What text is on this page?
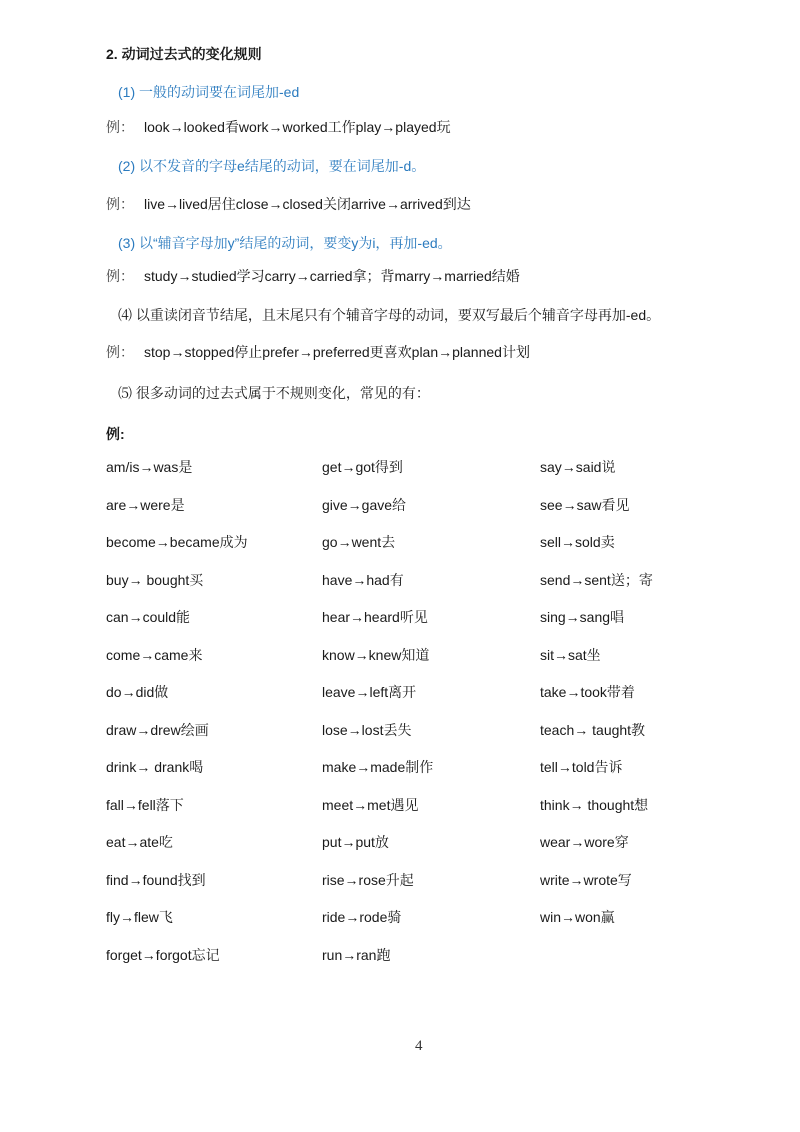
2. 动词过去式的变化规则
(1) 一般的动词要在词尾加-ed
例： look→looked看work→worked工作play→played玩
(2) 以不发音的字母e结尾的动词，要在词尾加-d。
例： live→lived居住close→closed关闭arrive→arrived到达
(3) 以“辅音字母加y”结尾的动词，要变y为i，再加-ed。
例： study→studied学习carry→carried拿；背marry→married结婚
⑷ 以重读闭音节结尾，且末尾只有个辅音字母的动词，要双写最后个辅音字母再加-ed。
例： stop→stopped停止prefer→preferred更喜欢plan→planned计划
⑸ 很多动词的过去式属于不规则变化，常见的有：
例:
am/is→was是	get→got得到	say→said说
are→were是	give→gave给	see→saw看见
become→became成为	go→went去	sell→sold卖
buy→ bought买	have→had有	send→sent送；寄
can→could能	hear→heard听见	sing→sang唱
come→came来	know→knew知道	sit→sat坐
do→did做	leave→left离开	take→took带着
draw→drew绘画	lose→lost丢失	teach→ taught教
drink→ drank喝	make→made制作	tell→told告诉
fall→fell落下	meet→met遇见	think→ thought想
eat→ate吃	put→put放	wear→wore穿
find→found找到	rise→rose升起	write→wrote写
fly→flew飞	ride→rode骑	win→won赢
forget→forgot忘记	run→ran跑
4
